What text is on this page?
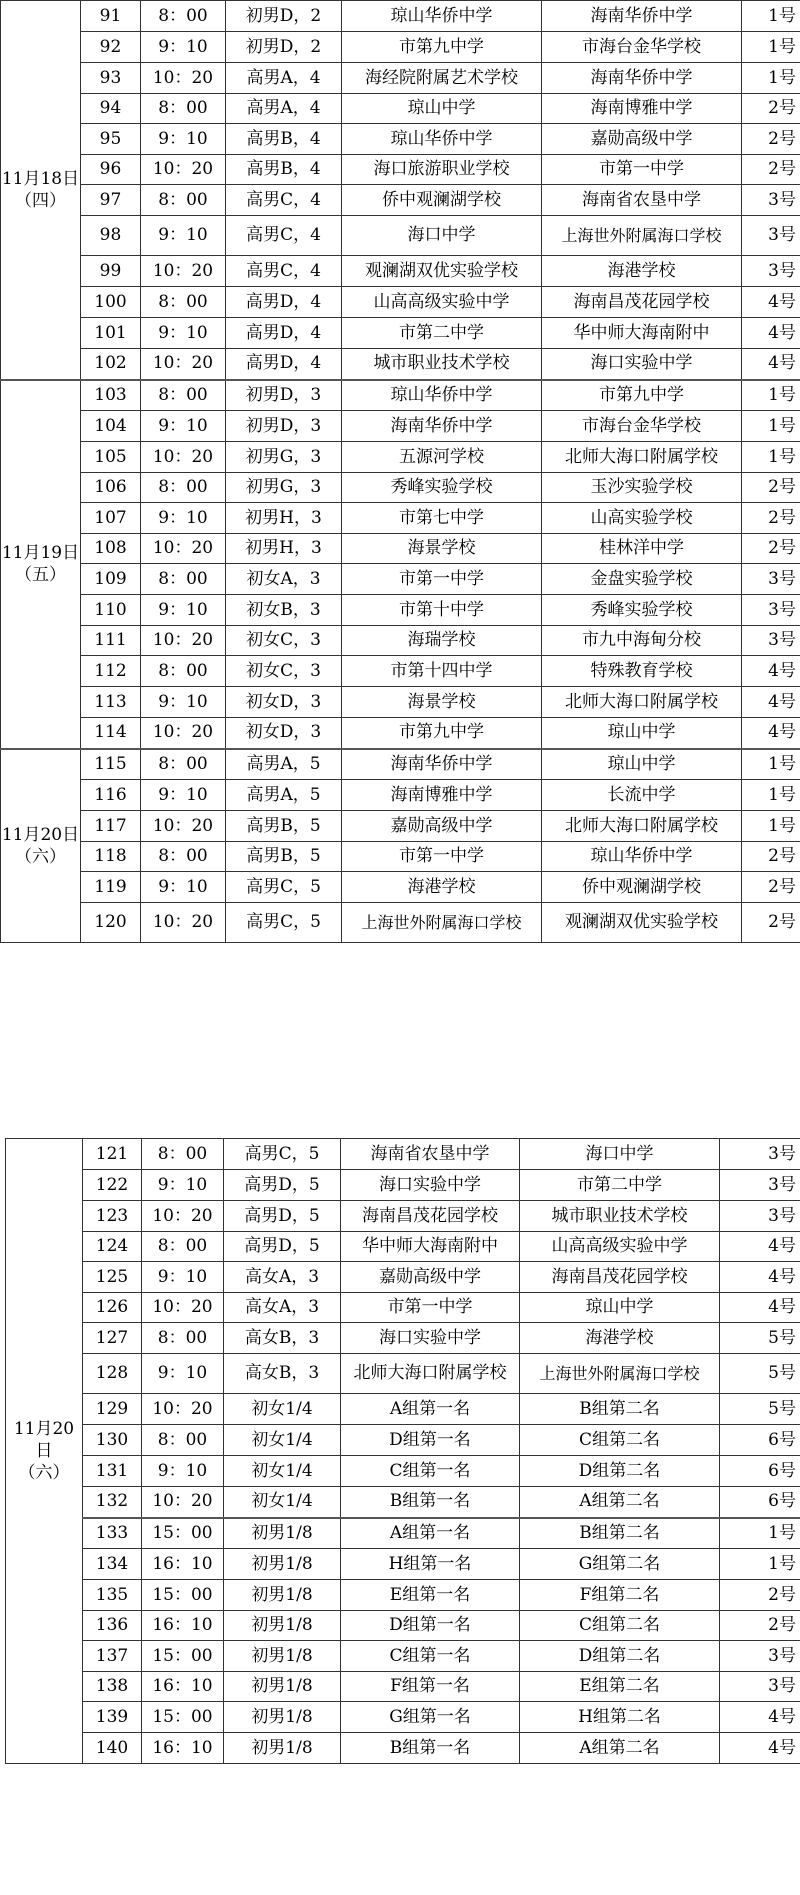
11月18日
（四）	91	8：00	初男D，2	琼山华侨中学	海南华侨中学	1号
	92	9：10	初男D，2	市第九中学	市海台金华学校	1号
	93	10：20	高男A，4	海经院附属艺术学校	海南华侨中学	1号
	94	8：00	高男A，4	琼山中学	海南博雅中学	2号
	95	9：10	高男B，4	琼山华侨中学	嘉勋高级中学	2号
	96	10：20	高男B，4	海口旅游职业学校	市第一中学	2号
	97	8：00	高男C，4	侨中观澜湖学校	海南省农垦中学	3号
	98	9：10	高男C，4	海口中学	上海世外附属海口学校	3号
	99	10：20	高男C，4	观澜湖双优实验学校	海港学校	3号
	100	8：00	高男D，4	山高高级实验中学	海南昌茂花园学校	4号
	101	9：10	高男D，4	市第二中学	华中师大海南附中	4号
	102	10：20	高男D，4	城市职业技术学校	海口实验中学	4号

11月19日
（五）	103	8：00	初男D，3	琼山华侨中学	市第九中学	1号
	104	9：10	初男D，3	海南华侨中学	市海台金华学校	1号
	105	10：20	初男G，3	五源河学校	北师大海口附属学校	1号
	106	8：00	初男G，3	秀峰实验学校	玉沙实验学校	2号
	107	9：10	初男H，3	市第七中学	山高实验学校	2号
	108	10：20	初男H，3	海景学校	桂林洋中学	2号
	109	8：00	初女A，3	市第一中学	金盘实验学校	3号
	110	9：10	初女B，3	市第十中学	秀峰实验学校	3号
	111	10：20	初女C，3	海瑞学校	市九中海甸分校	3号
	112	8：00	初女C，3	市第十四中学	特殊教育学校	4号
	113	9：10	初女D，3	海景学校	北师大海口附属学校	4号
	114	10：20	初女D，3	市第九中学	琼山中学	4号

11月20日
（六）	115	8：00	高男A，5	海南华侨中学	琼山中学	1号
	116	9：10	高男A，5	海南博雅中学	长流中学	1号
	117	10：20	高男B，5	嘉勋高级中学	北师大海口附属学校	1号
	118	8：00	高男B，5	市第一中学	琼山华侨中学	2号
	119	9：10	高男C，5	海港学校	侨中观澜湖学校	2号
	120	10：20	高男C，5	上海世外附属海口学校	观澜湖双优实验学校	2号
11月20日
（六）	121	8：00	高男C，5	海南省农垦中学	海口中学	3号
	122	9：10	高男D，5	海口实验中学	市第二中学	3号
	123	10：20	高男D，5	海南昌茂花园学校	城市职业技术学校	3号
	124	8：00	高男D，5	华中师大海南附中	山高高级实验中学	4号
	125	9：10	高女A，3	嘉勋高级中学	海南昌茂花园学校	4号
	126	10：20	高女A，3	市第一中学	琼山中学	4号
	127	8：00	高女B，3	海口实验中学	海港学校	5号
	128	9：10	高女B，3	北师大海口附属学校	上海世外附属海口学校	5号
	129	10：20	初女1/4	A组第一名	B组第二名	5号
	130	8：00	初女1/4	D组第一名	C组第二名	6号
	131	9：10	初女1/4	C组第一名	D组第二名	6号
	132	10：20	初女1/4	B组第一名	A组第二名	6号
	133	15：00	初男1/8	A组第一名	B组第二名	1号
	134	16：10	初男1/8	H组第一名	G组第二名	1号
	135	15：00	初男1/8	E组第一名	F组第二名	2号
	136	16：10	初男1/8	D组第一名	C组第二名	2号
	137	15：00	初男1/8	C组第一名	D组第二名	3号
	138	16：10	初男1/8	F组第一名	E组第二名	3号
	139	15：00	初男1/8	G组第一名	H组第二名	4号
	140	16：10	初男1/8	B组第一名	A组第二名	4号
